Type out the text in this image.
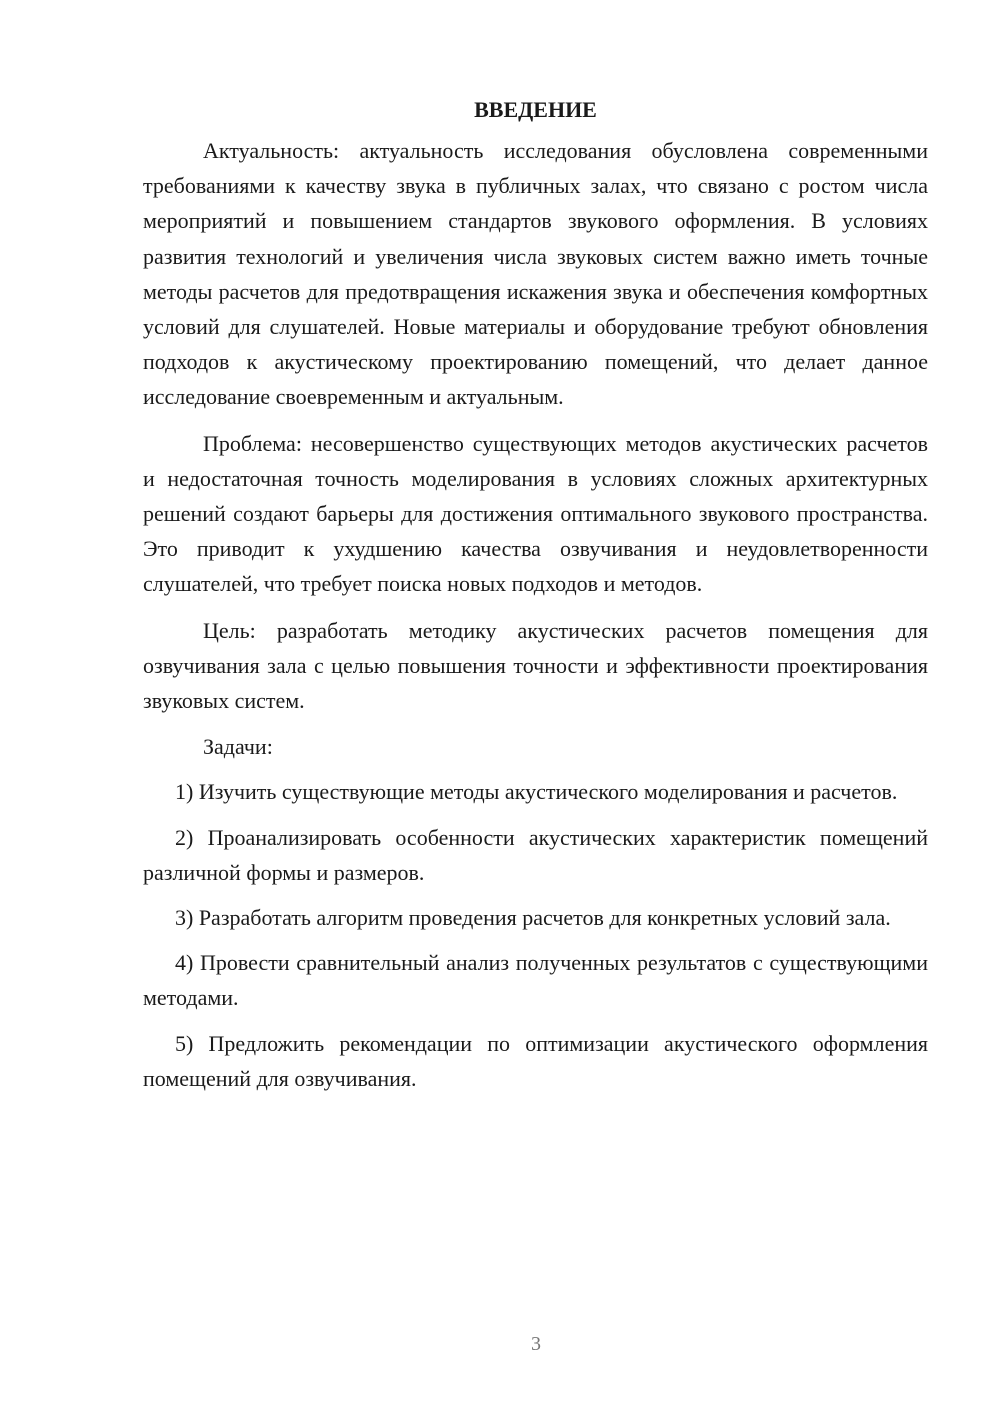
ВВЕДЕНИЕ

Актуальность: актуальность исследования обусловлена современными требованиями к качеству звука в публичных залах, что связано с ростом числа мероприятий и повышением стандартов звукового оформления. В условиях развития технологий и увеличения числа звуковых систем важно иметь точные методы расчетов для предотвращения искажения звука и обеспечения комфортных условий для слушателей. Новые материалы и оборудование требуют обновления подходов к акустическому проектированию помещений, что делает данное исследование своевременным и актуальным.

Проблема: несовершенство существующих методов акустических расчетов и недостаточная точность моделирования в условиях сложных архитектурных решений создают барьеры для достижения оптимального звукового пространства. Это приводит к ухудшению качества озвучивания и неудовлетворенности слушателей, что требует поиска новых подходов и методов.

Цель: разработать методику акустических расчетов помещения для озвучивания зала с целью повышения точности и эффективности проектирования звуковых систем.

Задачи:

1) Изучить существующие методы акустического моделирования и расчетов.

2) Проанализировать особенности акустических характеристик помещений различной формы и размеров.

3) Разработать алгоритм проведения расчетов для конкретных условий зала.

4) Провести сравнительный анализ полученных результатов с существующими методами.

5) Предложить рекомендации по оптимизации акустического оформления помещений для озвучивания.

3
